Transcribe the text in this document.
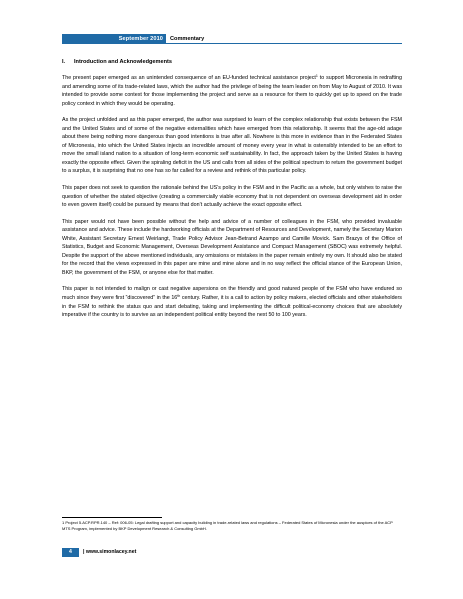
September 2010	Commentary
I. Introduction and Acknowledgements

The present paper emerged as an unintended consequence of an EU-funded technical assistance project$^1$ to support Micronesia in redrafting and amending some of its trade-related laws, which the author had the privilege of being the team leader on from May to August of 2010. It was intended to provide some context for those implementing the project and serve as a resource for them to quickly get up to speed on the trade policy context in which they would be operating.

As the project unfolded and as this paper emerged, the author was surprised to learn of the complex relationship that exists between the FSM and the United States and of some of the negative externalities which have emerged from this relationship. It seems that the age-old adage about there being nothing more dangerous than good intentions is true after all. Nowhere is this more in evidence than in the Federated States of Micronesia, into which the United States injects an incredible amount of money every year in what is ostensibly intended to be an effort to move the small island nation to a situation of long-term economic self sustainability. In fact, the approach taken by the United States is having exactly the opposite effect. Given the spiraling deficit in the US and calls from all sides of the political spectrum to return the government budget to a surplus, it is surprising that no one has so far called for a review and rethink of this particular policy.

This paper does not seek to question the rationale behind the US’s policy in the FSM and in the Pacific as a whole, but only wishes to raise the question of whether the stated objective (creating a commercially viable economy that is not dependent on overseas development aid in order to even govern itself) could be pursued by means that don’t actually achieve the exact opposite effect.

This paper would not have been possible without the help and advice of a number of colleagues in the FSM, who provided invaluable assistance and advice. These include the hardworking officials at the Department of Resources and Development, namely the Secretary Marion White, Assistant Secretary Ernest Weirlangt, Trade Policy Advisor Jean-Betrand Azampo and Camille Movick. Sam Brazys of the Office of Statistics, Budget and Economic Management, Overseas Development Assistance and Compact Management (SBOC) was extremely helpful. Despite the support of the above mentioned individuals, any omissions or mistakes in the paper remain entirely my own. It should also be stated for the record that the views expressed in this paper are mine and mine alone and in no way reflect the official stance of the European Union, BKP, the government of the FSM, or anyone else for that matter.

This paper is not intended to malign or cast negative aspersions on the friendly and good natured people of the FSM who have endured so much since they were first “discovered” in the 16th century. Rather, it is a call to action by policy makers, elected officials and other stakeholders in the FSM to rethink the status quo and start debating, taking and implementing the difficult political-economy choices that are absolutely imperative if the country is to survive as an independent political entity beyond the next 50 to 100 years.

1 Project 5.ACP.RPR.140 – Ref: 006-05: Legal drafting support and capacity building in trade-related laws and regulations – Federated States of Micronesia under the auspices of the ACP MTS Program, implemented by BKP Development Research & Consulting GmbH.
4	| www.simonlacey.net
